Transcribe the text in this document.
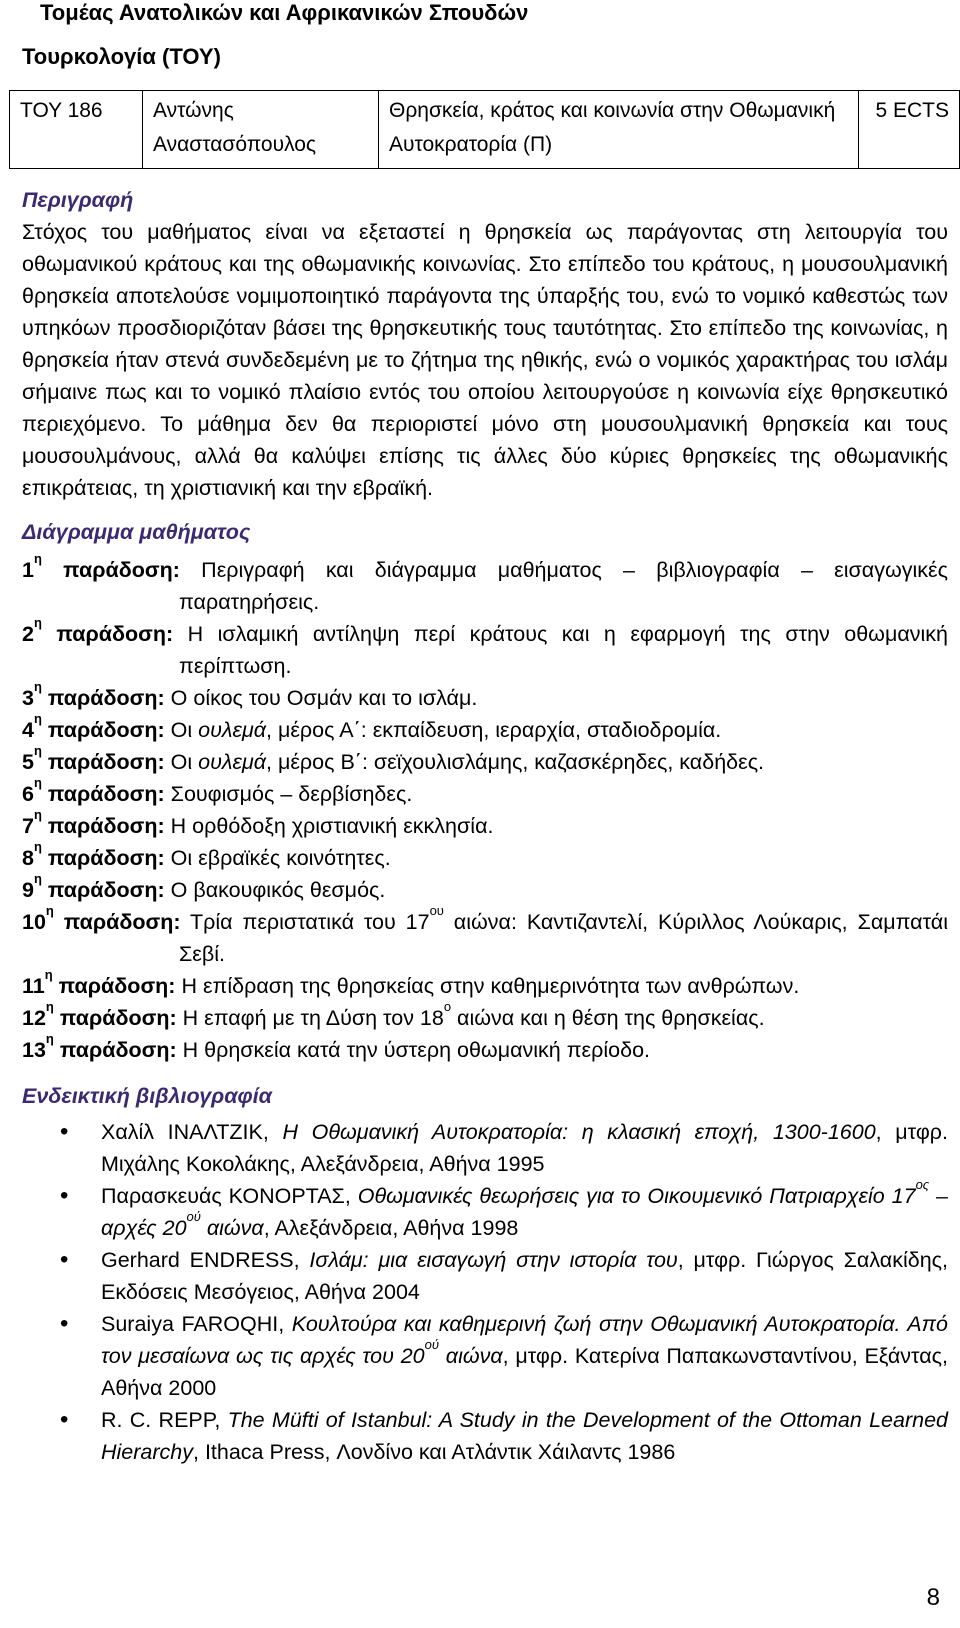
Τομέας Ανατολικών και Αφρικανικών Σπουδών
Τουρκολογία (ΤΟΥ)
ΤΟΥ 186	Αντώνης Αναστασόπουλος	Θρησκεία, κράτος και κοινωνία στην Οθωμανική Αυτοκρατορία (Π)	5 ECTS

Περιγραφή

Στόχος του μαθήματος είναι να εξεταστεί η θρησκεία ως παράγοντας στη λειτουργία του οθωμανικού κράτους και της οθωμανικής κοινωνίας. Στο επίπεδο του κράτους, η μουσουλμανική θρησκεία αποτελούσε νομιμοποιητικό παράγοντα της ύπαρξής του, ενώ το νομικό καθεστώς των υπηκόων προσδιοριζόταν βάσει της θρησκευτικής τους ταυτότητας. Στο επίπεδο της κοινωνίας, η θρησκεία ήταν στενά συνδεδεμένη με το ζήτημα της ηθικής, ενώ ο νομικός χαρακτήρας του ισλάμ σήμαινε πως και το νομικό πλαίσιο εντός του οποίου λειτουργούσε η κοινωνία είχε θρησκευτικό περιεχόμενο. Το μάθημα δεν θα περιοριστεί μόνο στη μουσουλμανική θρησκεία και τους μουσουλμάνους, αλλά θα καλύψει επίσης τις άλλες δύο κύριες θρησκείες της οθωμανικής επικράτειας, τη χριστιανική και την εβραϊκή.

Διάγραμμα μαθήματος
$1^\eta$ παράδοση: Περιγραφή και διάγραμμα μαθήματος – βιβλιογραφία – εισαγωγικές παρατηρήσεις.
$2^\eta$ παράδοση: Η ισλαμική αντίληψη περί κράτους και η εφαρμογή της στην οθωμανική περίπτωση.
$3^\eta$ παράδοση: Ο οίκος του Οσμάν και το ισλάμ.
$4^\eta$ παράδοση: Οι ουλεμά, μέρος Α΄: εκπαίδευση, ιεραρχία, σταδιοδρομία.
$5^\eta$ παράδοση: Οι ουλεμά, μέρος Β΄: σεϊχουλισλάμης, καζασκέρηδες, καδήδες.
$6^\eta$ παράδοση: Σουφισμός – δερβίσηδες.
$7^\eta$ παράδοση: Η ορθόδοξη χριστιανική εκκλησία.
$8^\eta$ παράδοση: Οι εβραϊκές κοινότητες.
$9^\eta$ παράδοση: Ο βακουφικός θεσμός.
$10^\eta$ παράδοση: Τρία περιστατικά του $17^{o\upsilon}$ αιώνα: Καντιζαντελί, Κύριλλος Λούκαρις, Σαμπατάι Σεβί.
$11^\eta$ παράδοση: Η επίδραση της θρησκείας στην καθημερινότητα των ανθρώπων.
$12^\eta$ παράδοση: Η επαφή με τη Δύση τον $18^o$ αιώνα και η θέση της θρησκείας.
$13^\eta$ παράδοση: Η θρησκεία κατά την ύστερη οθωμανική περίοδο.
Ενδεικτική βιβλιογραφία
• Χαλίλ ΙΝΑΛΤΖΙΚ, Η Οθωμανική Αυτοκρατορία: η κλασική εποχή, 1300-1600, μτφρ. Μιχάλης Κοκολάκης, Αλεξάνδρεια, Αθήνα 1995
• Παρασκευάς ΚΟΝΟΡΤΑΣ, Οθωμανικές θεωρήσεις για το Οικουμενικό Πατριαρχείο $17^{o\varsigma}$ – αρχές $20^{oύ}$ αιώνα, Αλεξάνδρεια, Αθήνα 1998
• Gerhard ENDRESS, Ισλάμ: μια εισαγωγή στην ιστορία του, μτφρ. Γιώργος Σαλακίδης, Εκδόσεις Μεσόγειος, Αθήνα 2004
• Suraiya FAROQHI, Κουλτούρα και καθημερινή ζωή στην Οθωμανική Αυτοκρατορία. Από τον μεσαίωνα ως τις αρχές του $20^{oύ}$ αιώνα, μτφρ. Κατερίνα Παπακωνσταντίνου, Εξάντας, Αθήνα 2000
• R. C. REPP, The Müfti of Istanbul: A Study in the Development of the Ottoman Learned Hierarchy, Ithaca Press, Λονδίνο και Ατλάντικ Χάιλαντς 1986
8
